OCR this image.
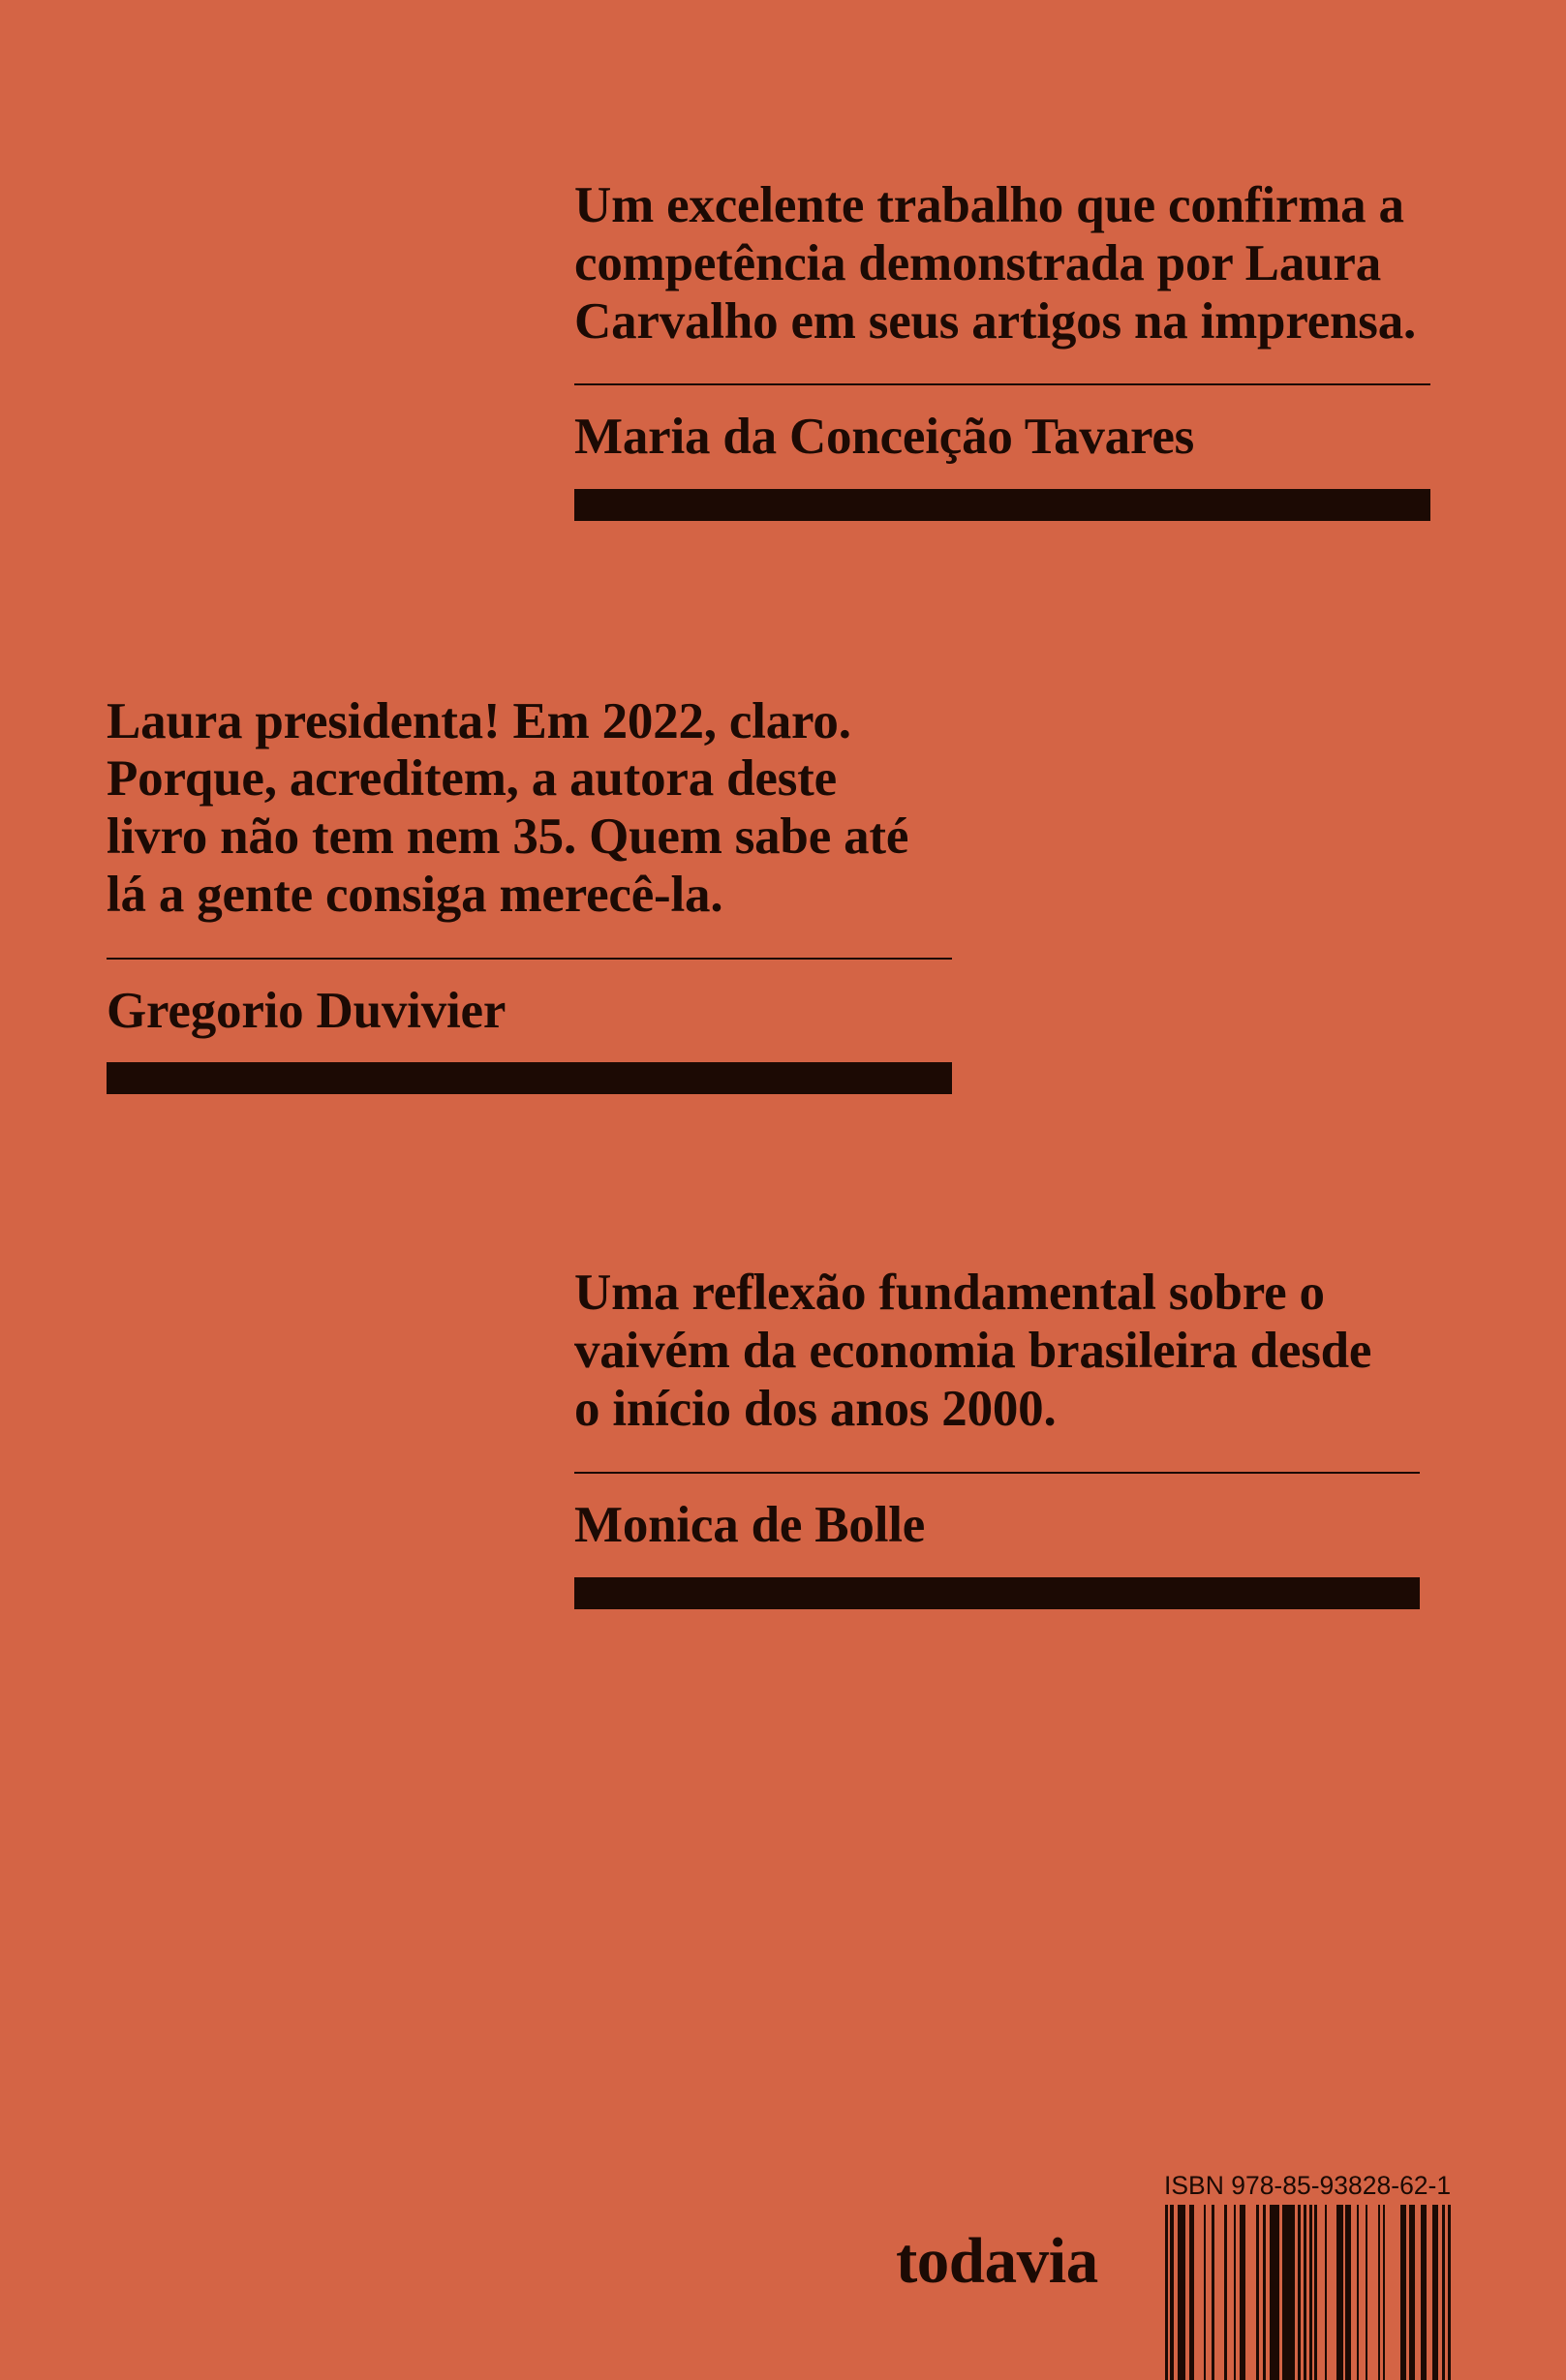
Um excelente trabalho que confirma a
competência demonstrada por Laura
Carvalho em seus artigos na imprensa.
Maria da Conceição Tavares
Laura presidenta! Em 2022, claro.
Porque, acreditem, a autora deste
livro não tem nem 35. Quem sabe até
lá a gente consiga merecê-la.
Gregorio Duvivier
Uma reflexão fundamental sobre o
vaivém da economia brasileira desde
o início dos anos 2000.
Monica de Bolle
todavia
ISBN 978-85-93828-62-1
